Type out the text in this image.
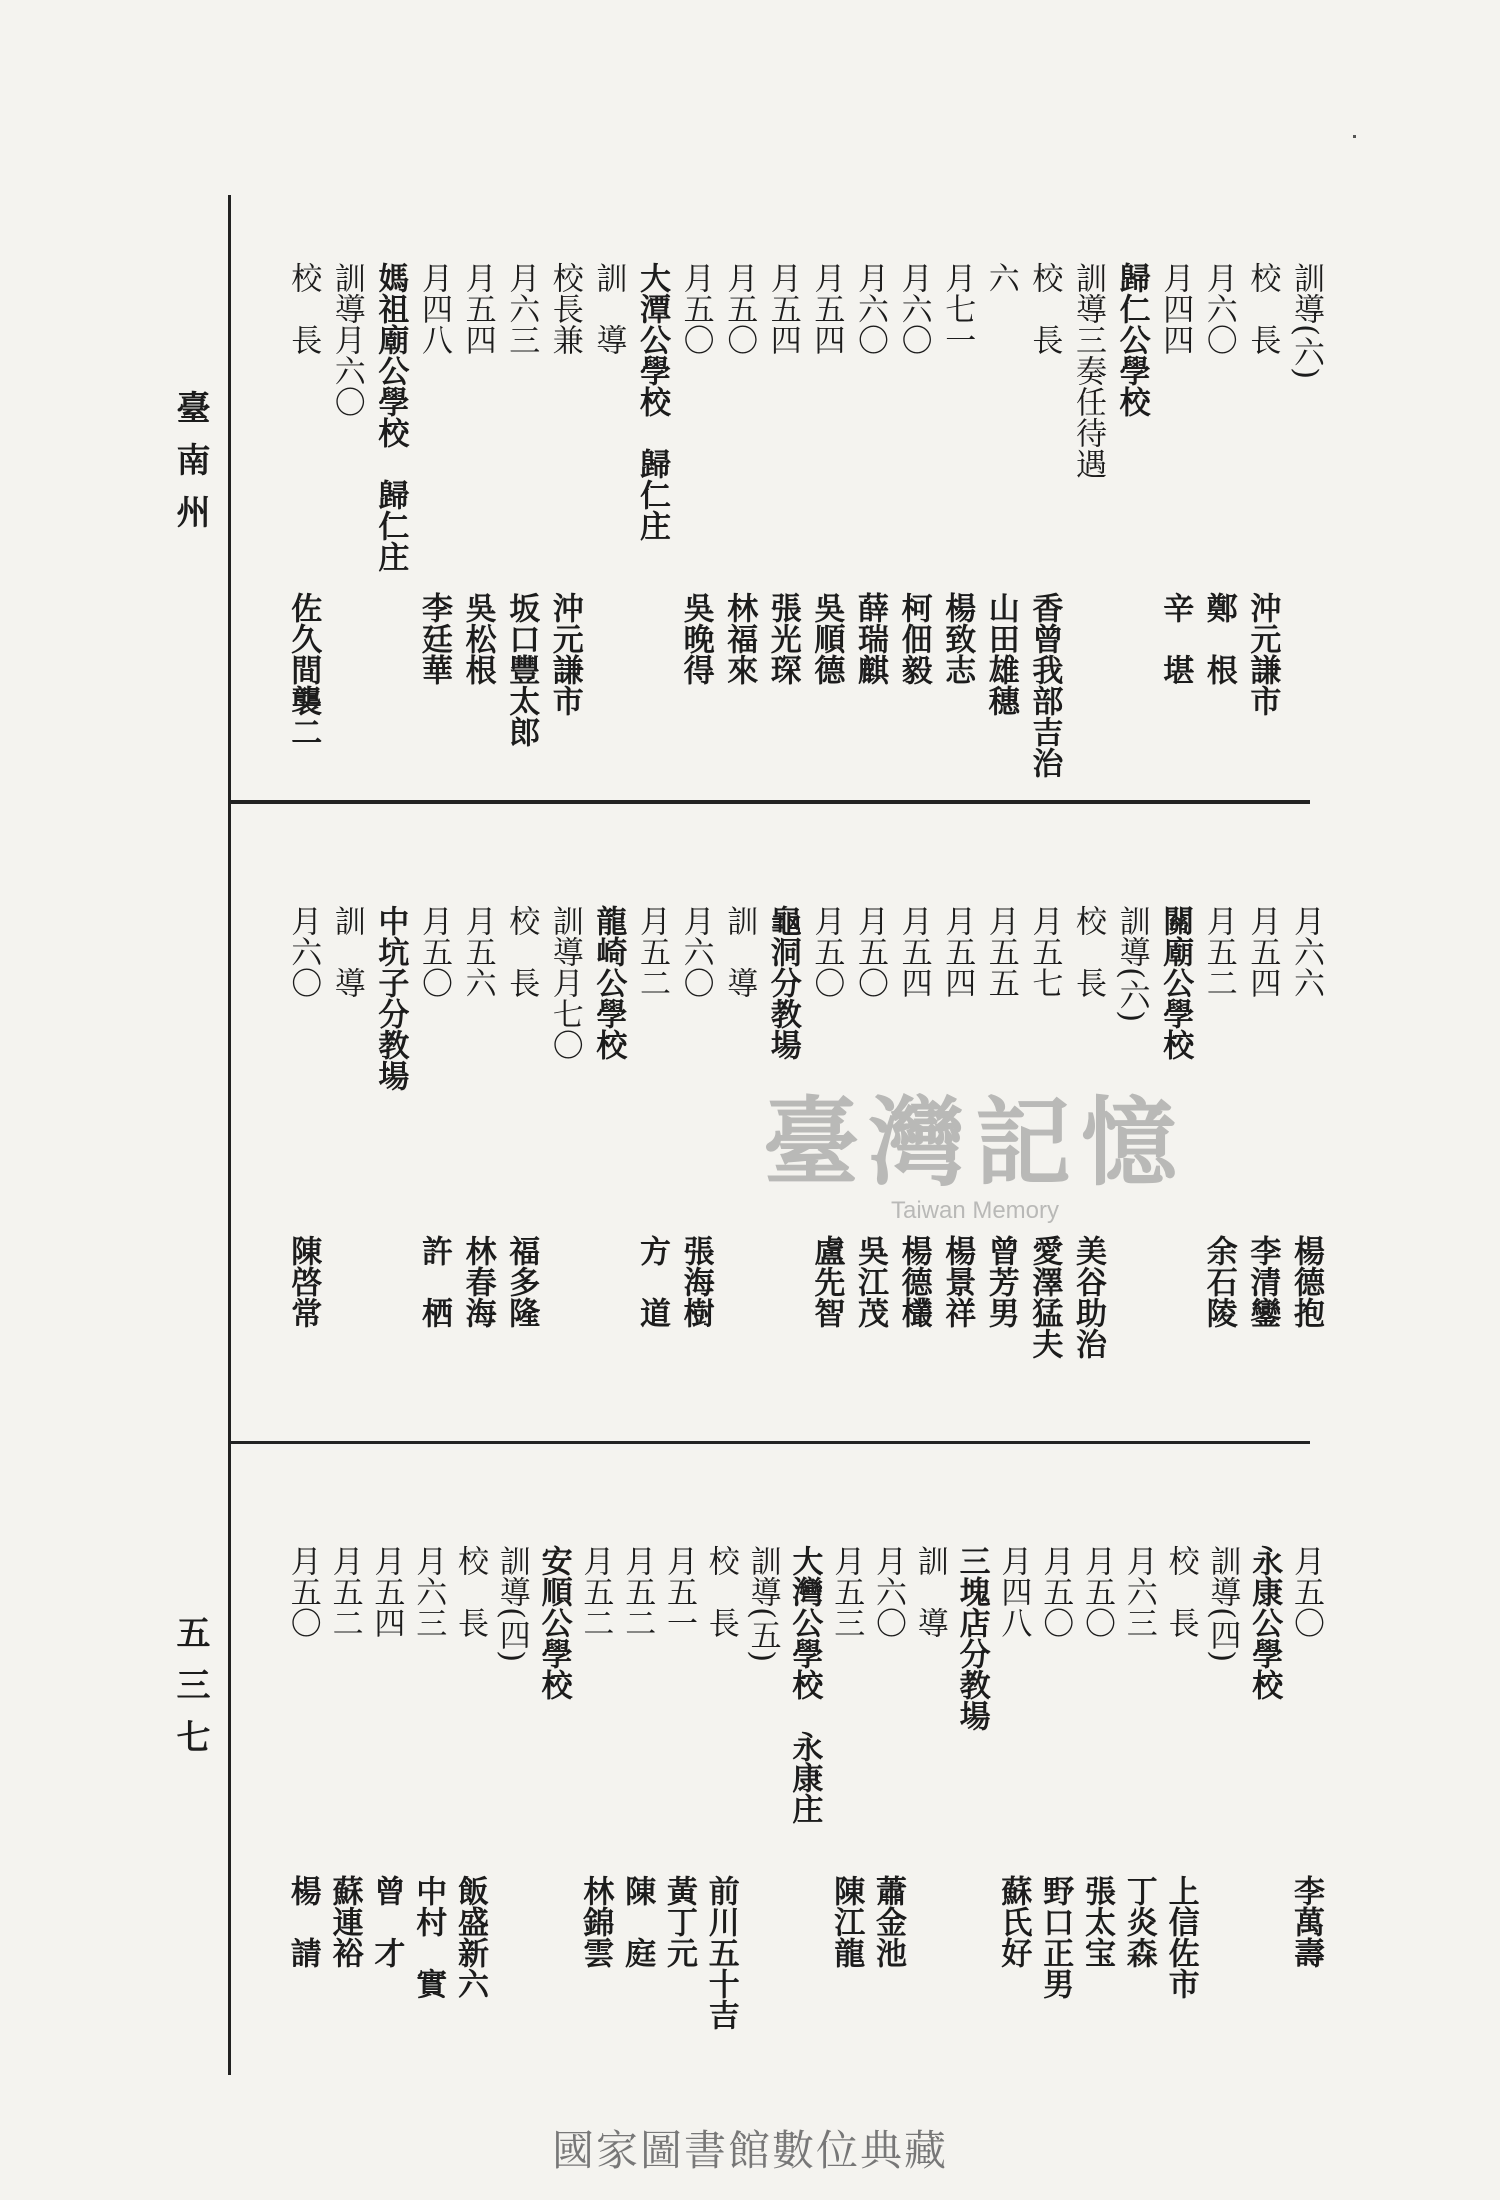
臺南州
五三七
訓導(六)
校　長
沖元謙市
月六〇
鄭　根
月四四
辛　堪
歸仁公學校
訓導三奏任待遇
校　長
香曾我部吉治
六
山田雄穗
月七一
楊致志
月六〇
柯佃毅
月六〇
薛瑞麒
月五四
吳順德
月五四
張光琛
月五〇
林福來
月五〇
吳晚得
大潭公學校　歸仁庄
訓　導
校長兼
沖元謙市
月六三
坂口豐太郎
月五四
吳松根
月四八
李廷華
媽祖廟公學校　歸仁庄
訓導月六〇
校　長
佐久間襲二
月六六
楊德抱
月五四
李清鑾
月五二
余石陵
關廟公學校
訓導(六)
校　長
美谷助治
月五七
愛澤猛夫
月五五
曾芳男
月五四
楊景祥
月五四
楊德欉
月五〇
吳江茂
月五〇
盧先智
龜洞分教場
訓　導
月六〇
張海樹
月五二
方　道
龍崎公學校
訓導月七〇
校　長
福多隆
月五六
林春海
月五〇
許　栖
中坑子分教場
訓　導
月六〇
陳啓常
月五〇
李萬壽
永康公學校
訓導(四)
校　長
上信佐市
月六三
丁炎森
月五〇
張太宝
月五〇
野口正男
月四八
蘇氏好
三塊店分教場
訓　導
月六〇
蕭金池
月五三
陳江龍
大灣公學校　永康庄
訓導(五)
校　長
前川五十吉
月五一
黃丁元
月五二
陳　庭
月五二
林錦雲
安順公學校
訓導(四)
校　長
飯盛新六
月六三
中村　實
月五四
曾　才
月五二
蘇連裕
月五〇
楊　請
臺灣記憶
Taiwan Memory
國家圖書館數位典藏
